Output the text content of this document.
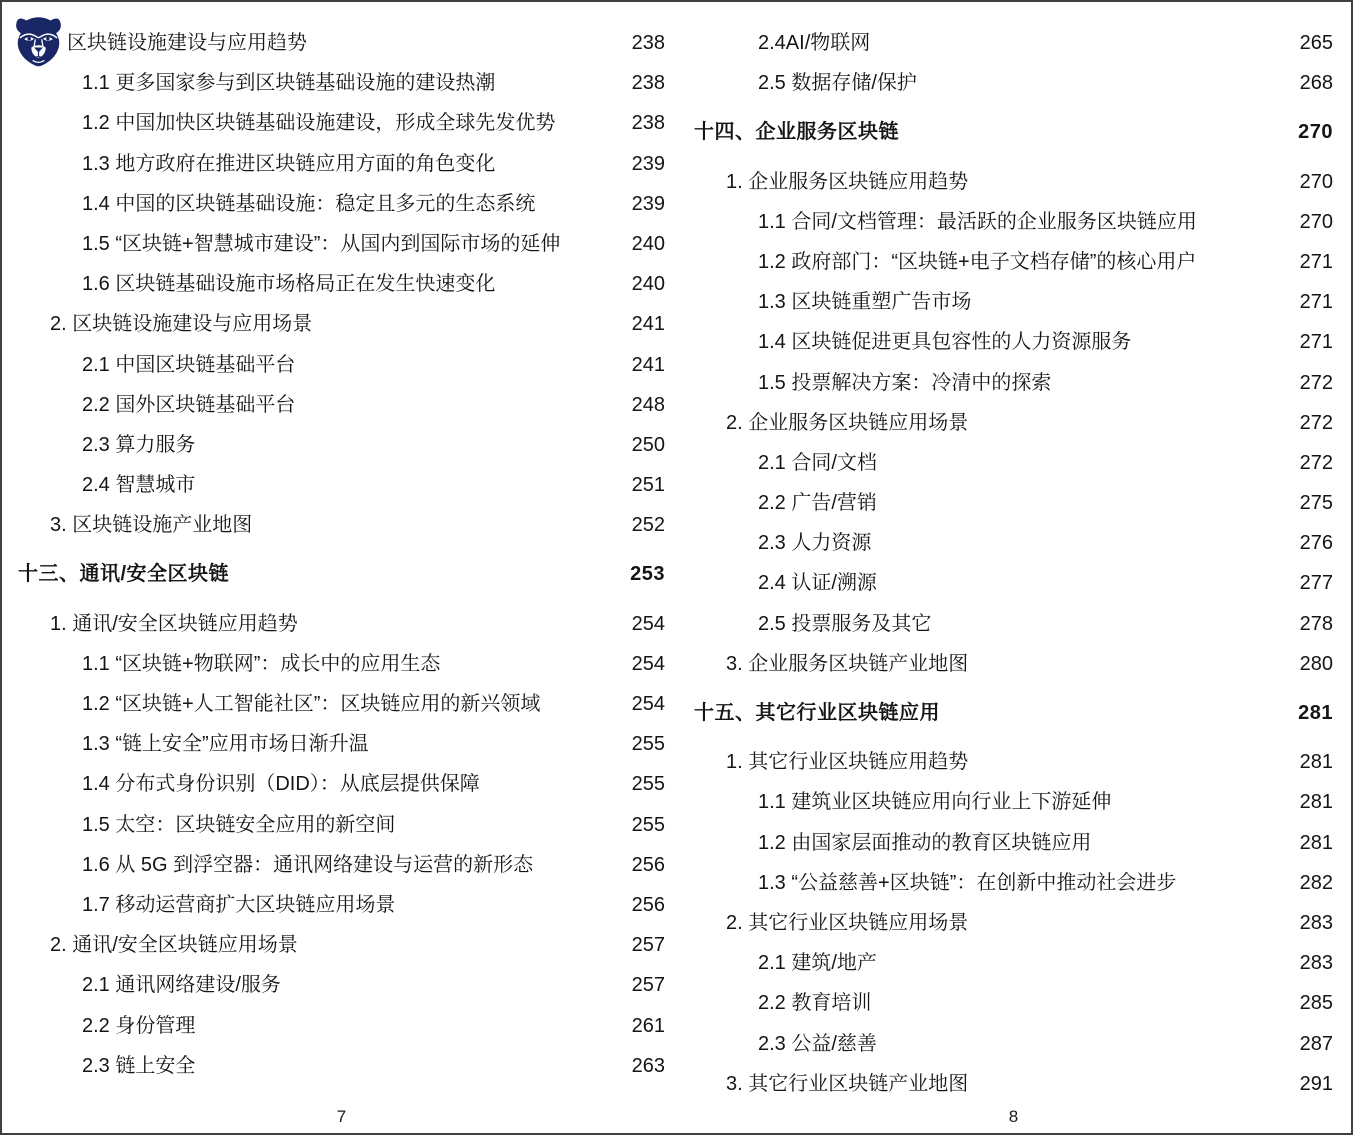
区块链设施建设与应用趋势	238
1.1 更多国家参与到区块链基础设施的建设热潮	238
1.2 中国加快区块链基础设施建设，形成全球先发优势	238
1.3 地方政府在推进区块链应用方面的角色变化	239
1.4 中国的区块链基础设施：稳定且多元的生态系统	239
1.5 “区块链+智慧城市建设”：从国内到国际市场的延伸	240
1.6 区块链基础设施市场格局正在发生快速变化	240
2. 区块链设施建设与应用场景	241
2.1 中国区块链基础平台	241
2.2 国外区块链基础平台	248
2.3 算力服务	250
2.4 智慧城市	251
3. 区块链设施产业地图	252
十三、通讯/安全区块链	253
1. 通讯/安全区块链应用趋势	254
1.1 “区块链+物联网”：成长中的应用生态	254
1.2 “区块链+人工智能社区”：区块链应用的新兴领域	254
1.3 “链上安全”应用市场日渐升温	255
1.4 分布式身份识别（DID）：从底层提供保障	255
1.5 太空：区块链安全应用的新空间	255
1.6 从 5G 到浮空器：通讯网络建设与运营的新形态	256
1.7 移动运营商扩大区块链应用场景	256
2. 通讯/安全区块链应用场景	257
2.1 通讯网络建设/服务	257
2.2 身份管理	261
2.3 链上安全	263
7
2.4AI/物联网	265
2.5 数据存储/保护	268
十四、企业服务区块链	270
1. 企业服务区块链应用趋势	270
1.1 合同/文档管理：最活跃的企业服务区块链应用	270
1.2 政府部门：“区块链+电子文档存储”的核心用户	271
1.3 区块链重塑广告市场	271
1.4 区块链促进更具包容性的人力资源服务	271
1.5 投票解决方案：冷清中的探索	272
2. 企业服务区块链应用场景	272
2.1 合同/文档	272
2.2 广告/营销	275
2.3 人力资源	276
2.4 认证/溯源	277
2.5 投票服务及其它	278
3. 企业服务区块链产业地图	280
十五、其它行业区块链应用	281
1. 其它行业区块链应用趋势	281
1.1 建筑业区块链应用向行业上下游延伸	281
1.2 由国家层面推动的教育区块链应用	281
1.3 “公益慈善+区块链”：在创新中推动社会进步	282
2. 其它行业区块链应用场景	283
2.1 建筑/地产	283
2.2 教育培训	285
2.3 公益/慈善	287
3. 其它行业区块链产业地图	291
8
